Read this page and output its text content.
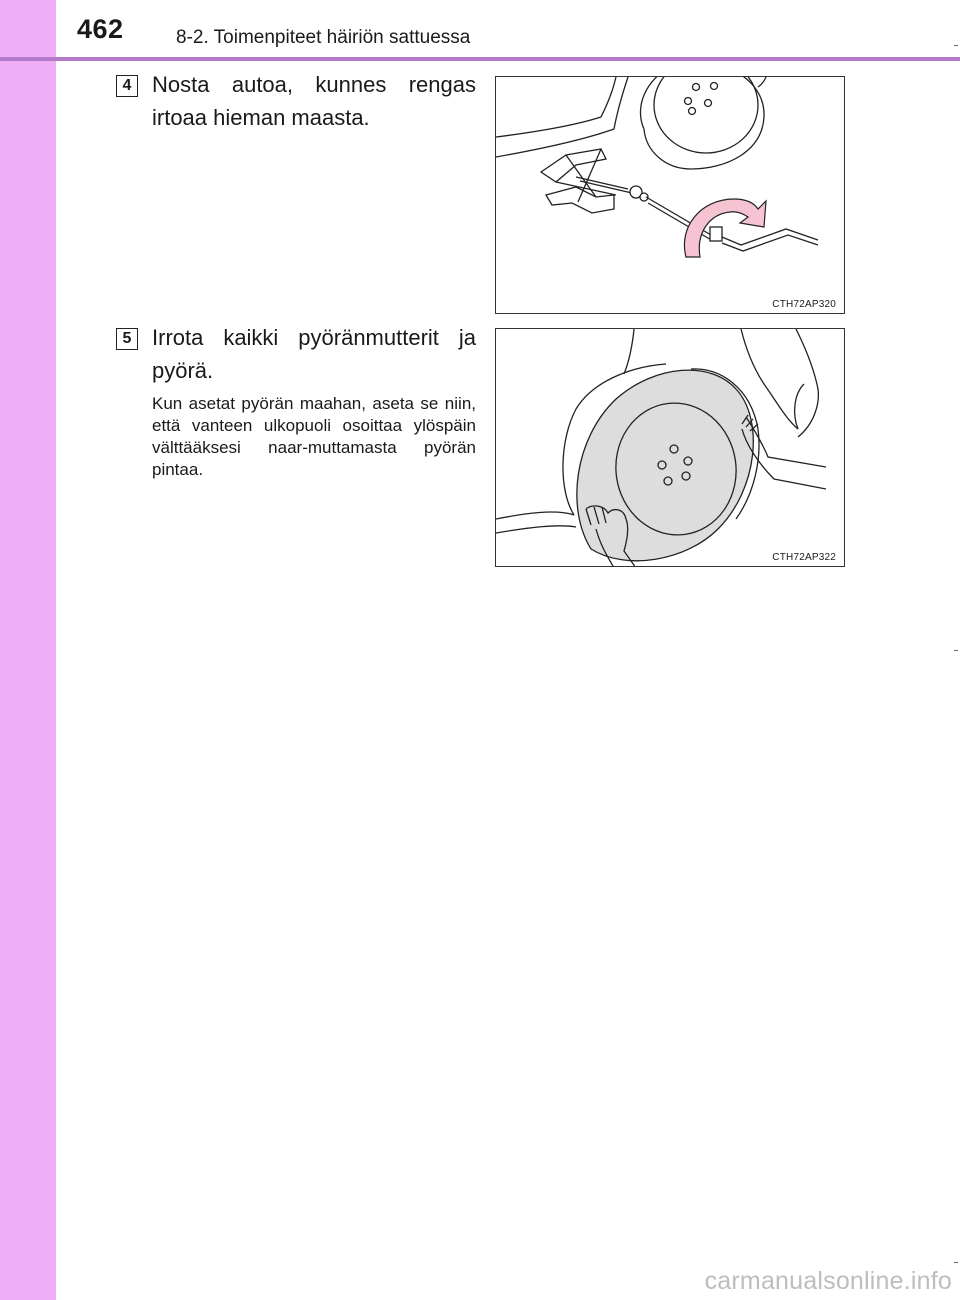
462	8-2. Toimenpiteet häiriön sattuessa
4 Nosta autoa, kunnes rengas irtoaa hieman maasta.
CTH72AP320
5 Irrota kaikki pyöränmutterit ja pyörä.
Kun asetat pyörän maahan, aseta se niin, että vanteen ulkopuoli osoittaa ylöspäin välttääksesi naar-muttamasta pyörän pintaa.
CTH72AP322
carmanualsonline.info
